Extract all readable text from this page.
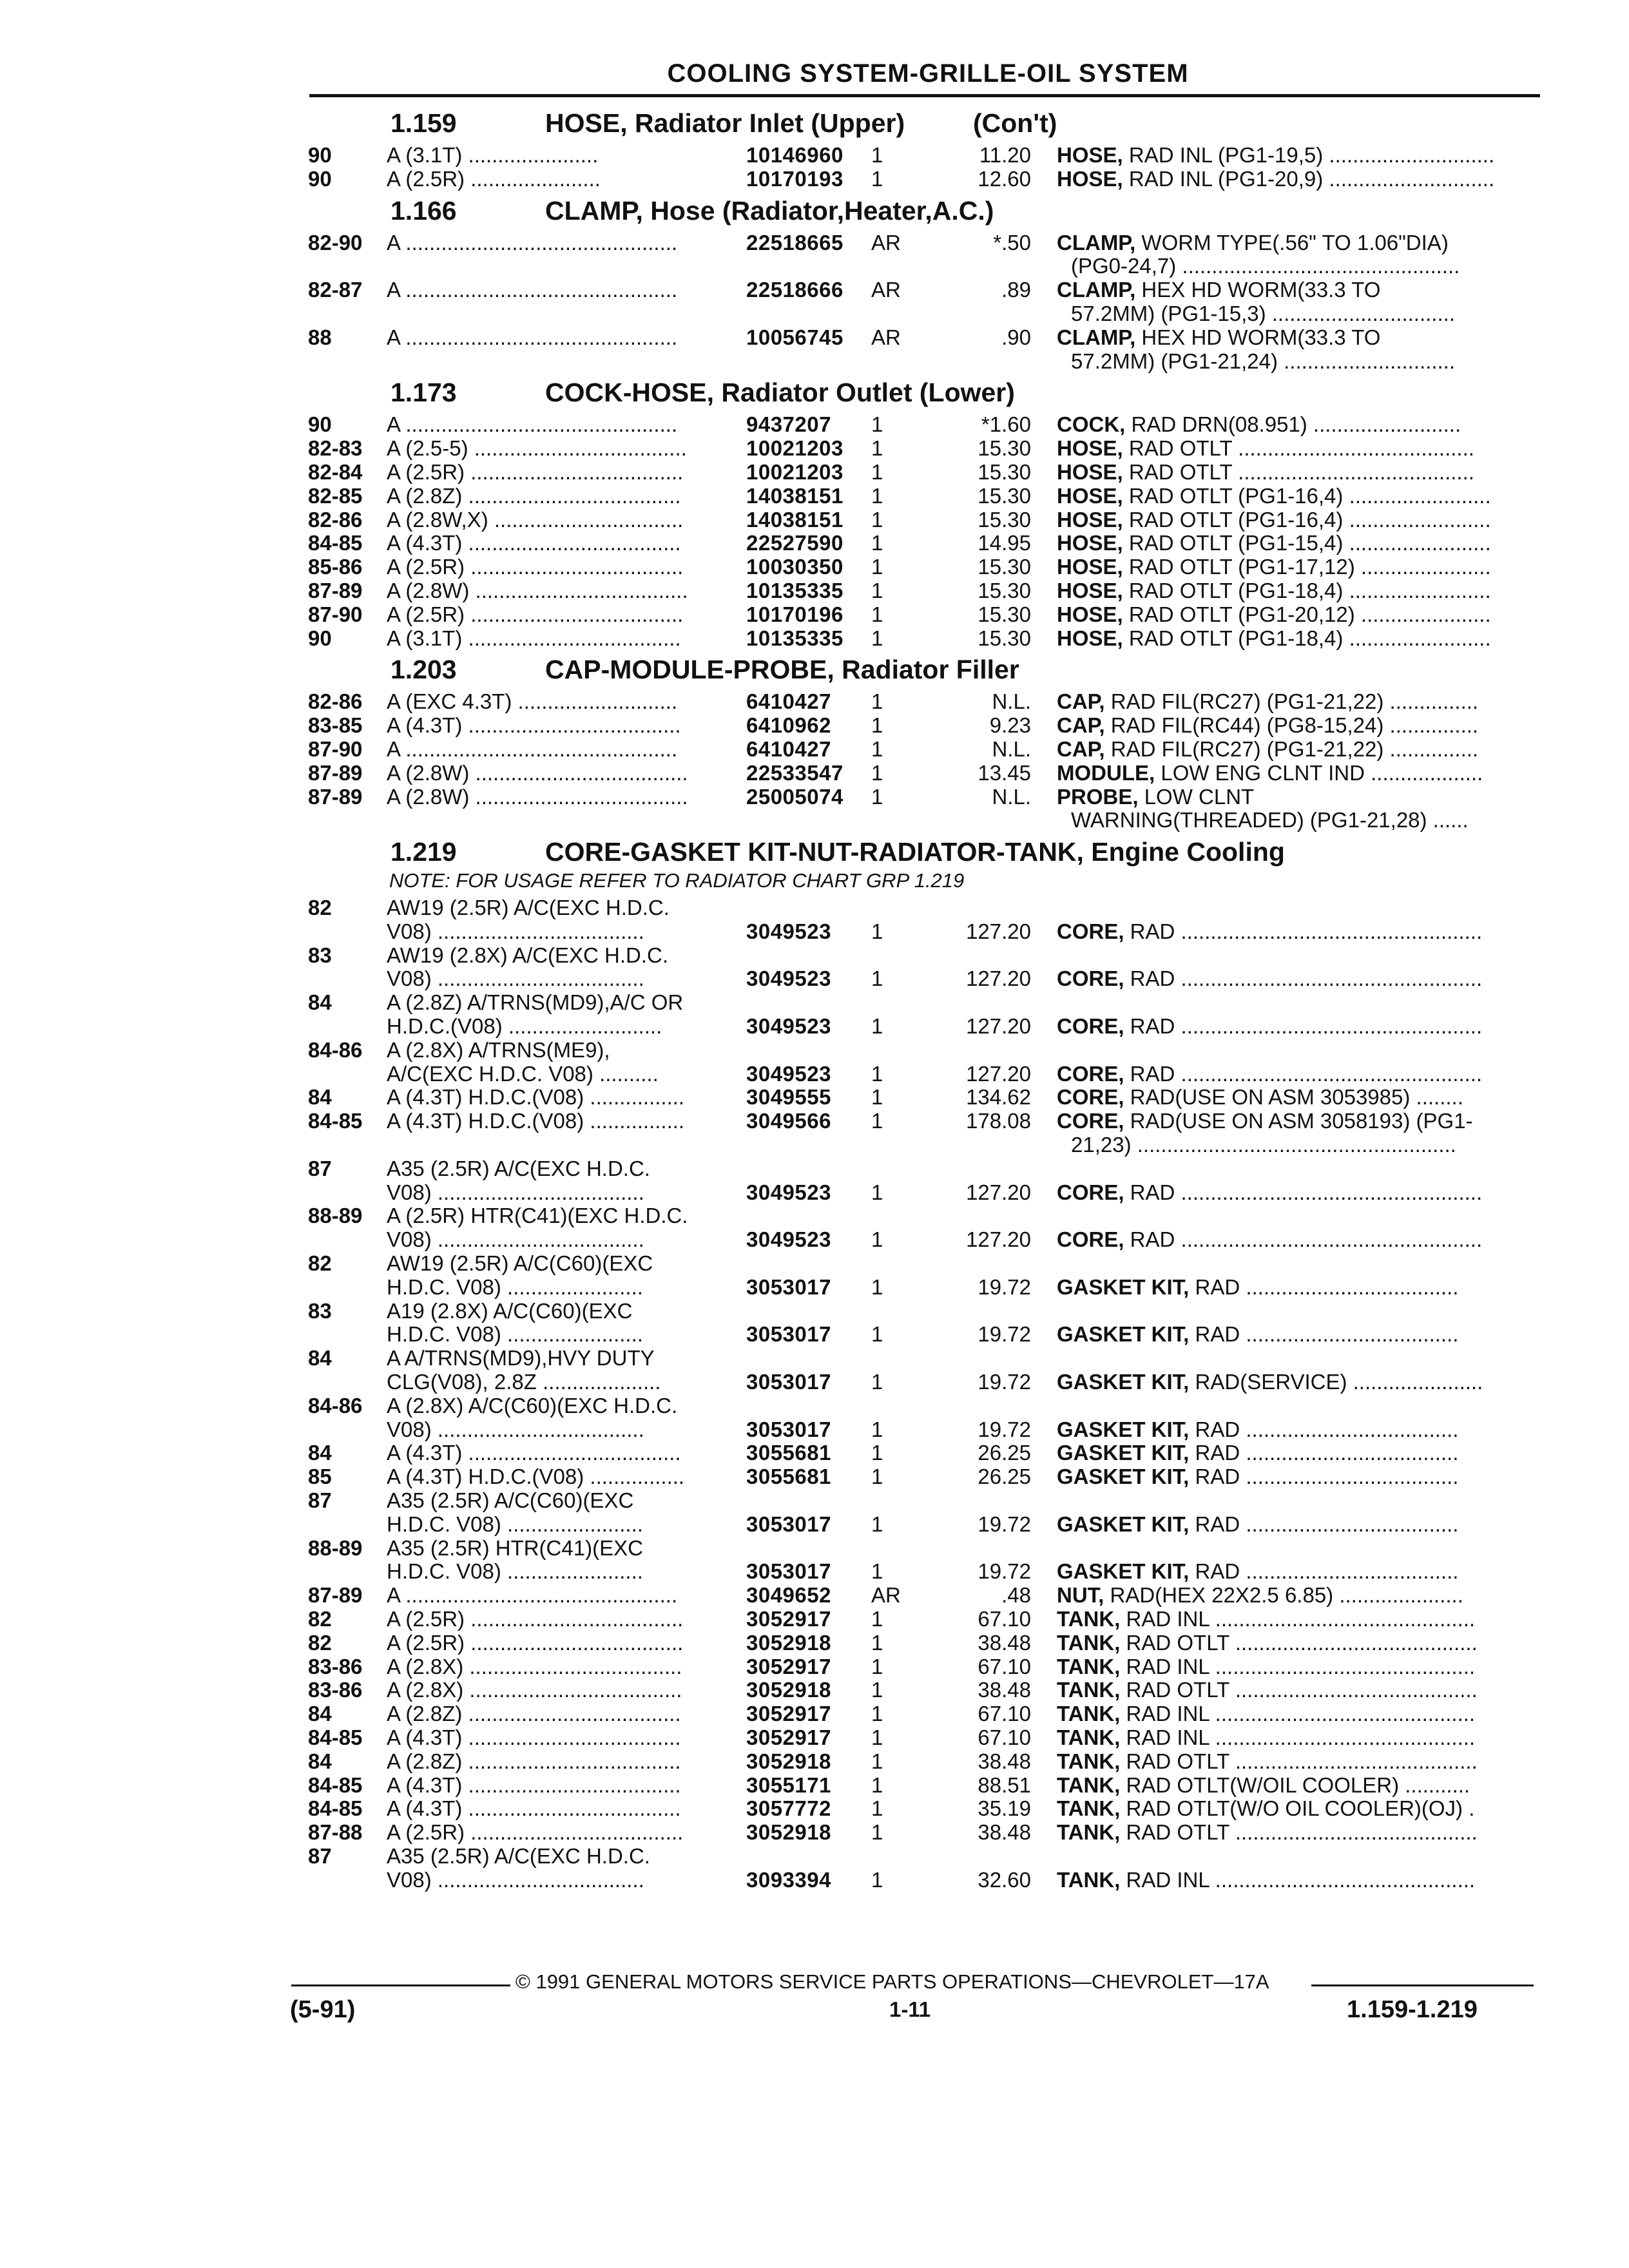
COOLING SYSTEM-GRILLE-OIL SYSTEM
1.159	HOSE, Radiator Inlet (Upper)	(Con't)
90	A (3.1T) ......................	10146960 1	11.20 HOSE, RAD INL (PG1-19,5) ............................
90	A (2.5R) ......................	10170193 1	12.60 HOSE, RAD INL (PG1-20,9) ............................
1.166	CLAMP, Hose (Radiator,Heater,A.C.)
82-90 A ..............................................	22518665 AR	*.50 CLAMP, WORM TYPE(.56" TO 1.06"DIA)
(PG0-24,7) ...............................................
82-87 A ..............................................	22518666 AR	.89 CLAMP, HEX HD WORM(33.3 TO
57.2MM) (PG1-15,3) ...............................
88	A ..............................................	10056745 AR	.90 CLAMP, HEX HD WORM(33.3 TO
57.2MM) (PG1-21,24) .............................
1.173	COCK-HOSE, Radiator Outlet (Lower)
90	A ..............................................	9437207 1	*1.60 COCK, RAD DRN(08.951) .........................
82-83 A (2.5-5) ....................................	10021203 1	15.30 HOSE, RAD OTLT ........................................
82-84 A (2.5R) ....................................	10021203 1	15.30 HOSE, RAD OTLT ........................................
82-85 A (2.8Z) ....................................	14038151 1	15.30 HOSE, RAD OTLT (PG1-16,4) ........................
82-86 A (2.8W,X) ................................	14038151 1	15.30 HOSE, RAD OTLT (PG1-16,4) ........................
84-85 A (4.3T) ....................................	22527590 1	14.95 HOSE, RAD OTLT (PG1-15,4) ........................
85-86 A (2.5R) ....................................	10030350 1	15.30 HOSE, RAD OTLT (PG1-17,12) ......................
87-89 A (2.8W) ....................................	10135335 1	15.30 HOSE, RAD OTLT (PG1-18,4) ........................
87-90 A (2.5R) ....................................	10170196 1	15.30 HOSE, RAD OTLT (PG1-20,12) ......................
90	A (3.1T) ....................................	10135335 1	15.30 HOSE, RAD OTLT (PG1-18,4) ........................
1.203	CAP-MODULE-PROBE, Radiator Filler
82-86 A (EXC 4.3T) ...........................	6410427 1	N.L. CAP, RAD FIL(RC27) (PG1-21,22) ...............
83-85 A (4.3T) ....................................	6410962 1	9.23 CAP, RAD FIL(RC44) (PG8-15,24) ...............
87-90 A ..............................................	6410427 1	N.L. CAP, RAD FIL(RC27) (PG1-21,22) ...............
87-89 A (2.8W) ....................................	22533547 1	13.45 MODULE, LOW ENG CLNT IND ...................
87-89 A (2.8W) ....................................	25005074 1	N.L. PROBE, LOW CLNT
WARNING(THREADED) (PG1-21,28) ......
1.219	CORE-GASKET KIT-NUT-RADIATOR-TANK, Engine Cooling
NOTE: FOR USAGE REFER TO RADIATOR CHART GRP 1.219
82	AW19 (2.5R) A/C(EXC H.D.C.
V08) ...................................	3049523 1	127.20 CORE, RAD ...................................................
83	AW19 (2.8X) A/C(EXC H.D.C.
V08) ...................................	3049523 1	127.20 CORE, RAD ...................................................
84	A (2.8Z) A/TRNS(MD9),A/C OR
H.D.C.(V08) ..........................	3049523 1	127.20 CORE, RAD ...................................................
84-86 A (2.8X) A/TRNS(ME9),
A/C(EXC H.D.C. V08) ..........	3049523 1	127.20 CORE, RAD ...................................................
84	A (4.3T) H.D.C.(V08) ................	3049555 1	134.62 CORE, RAD(USE ON ASM 3053985) ........
84-85 A (4.3T) H.D.C.(V08) ................	3049566 1	178.08 CORE, RAD(USE ON ASM 3058193) (PG1-
21,23) ......................................................
87	A35 (2.5R) A/C(EXC H.D.C.
V08) ...................................	3049523 1	127.20 CORE, RAD ...................................................
88-89 A (2.5R) HTR(C41)(EXC H.D.C.
V08) ...................................	3049523 1	127.20 CORE, RAD ...................................................
82	AW19 (2.5R) A/C(C60)(EXC
H.D.C. V08) .......................	3053017 1	19.72 GASKET KIT, RAD ....................................
83	A19 (2.8X) A/C(C60)(EXC
H.D.C. V08) .......................	3053017 1	19.72 GASKET KIT, RAD ....................................
84	A A/TRNS(MD9),HVY DUTY
CLG(V08), 2.8Z ....................	3053017 1	19.72 GASKET KIT, RAD(SERVICE) ......................
84-86 A (2.8X) A/C(C60)(EXC H.D.C.
V08) ...................................	3053017 1	19.72 GASKET KIT, RAD ....................................
84	A (4.3T) ....................................	3055681 1	26.25 GASKET KIT, RAD ....................................
85	A (4.3T) H.D.C.(V08) ................	3055681 1	26.25 GASKET KIT, RAD ....................................
87	A35 (2.5R) A/C(C60)(EXC
H.D.C. V08) .......................	3053017 1	19.72 GASKET KIT, RAD ....................................
88-89 A35 (2.5R) HTR(C41)(EXC
H.D.C. V08) .......................	3053017 1	19.72 GASKET KIT, RAD ....................................
87-89 A ..............................................	3049652 AR	.48 NUT, RAD(HEX 22X2.5 6.85) .....................
82	A (2.5R) ....................................	3052917 1	67.10 TANK, RAD INL ............................................
82	A (2.5R) ....................................	3052918 1	38.48 TANK, RAD OTLT .........................................
83-86 A (2.8X) ....................................	3052917 1	67.10 TANK, RAD INL ............................................
83-86 A (2.8X) ....................................	3052918 1	38.48 TANK, RAD OTLT .........................................
84	A (2.8Z) ....................................	3052917 1	67.10 TANK, RAD INL ............................................
84-85 A (4.3T) ....................................	3052917 1	67.10 TANK, RAD INL ............................................
84	A (2.8Z) ....................................	3052918 1	38.48 TANK, RAD OTLT .........................................
84-85 A (4.3T) ....................................	3055171 1	88.51 TANK, RAD OTLT(W/OIL COOLER) ...........
84-85 A (4.3T) ....................................	3057772 1	35.19 TANK, RAD OTLT(W/O OIL COOLER)(OJ) .
87-88 A (2.5R) ....................................	3052918 1	38.48 TANK, RAD OTLT .........................................
87	A35 (2.5R) A/C(EXC H.D.C.
V08) ...................................	3093394 1	32.60 TANK, RAD INL ............................................
© 1991 GENERAL MOTORS SERVICE PARTS OPERATIONS—CHEVROLET—17A
(5-91)	1-11	1.159-1.219
